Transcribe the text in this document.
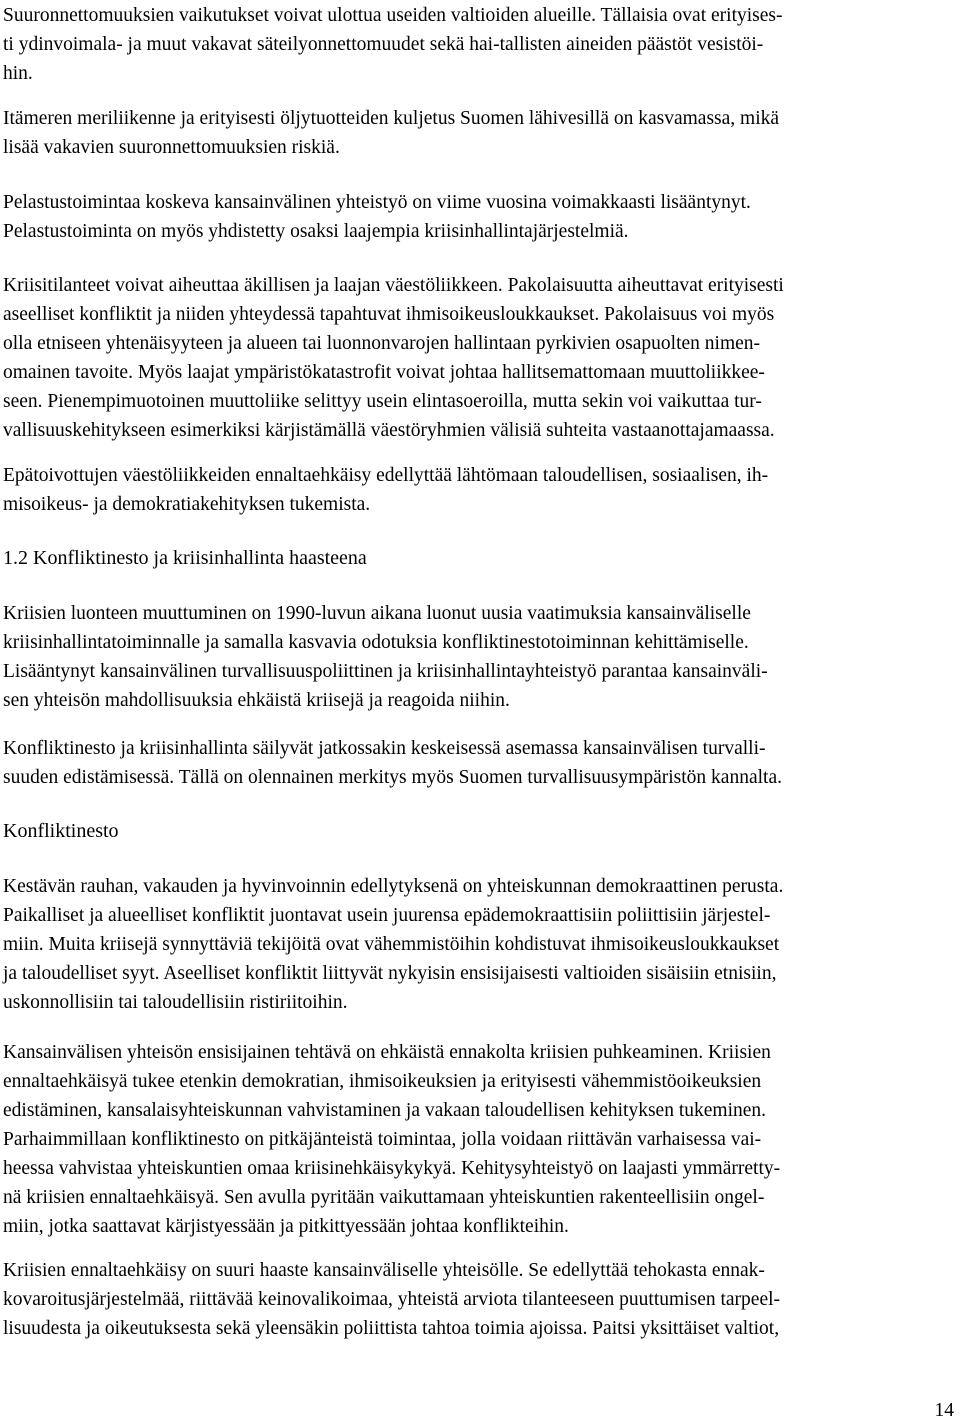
Suuronnettomuuksien vaikutukset voivat ulottua useiden valtioiden alueille. Tällaisia ovat erityises-
ti ydinvoimala- ja muut vakavat säteilyonnettomuudet sekä hai-tallisten aineiden päästöt vesistöi-
hin.
Itämeren meriliikenne ja erityisesti öljytuotteiden kuljetus Suomen lähivesillä on kasvamassa, mikä
lisää vakavien suuronnettomuuksien riskiä.
Pelastustoimintaa koskeva kansainvälinen yhteistyö on viime vuosina voimakkaasti lisääntynyt.
Pelastustoiminta on myös yhdistetty osaksi laajempia kriisinhallintajärjestelmiä.
Kriisitilanteet voivat aiheuttaa äkillisen ja laajan väestöliikkeen. Pakolaisuutta aiheuttavat erityisesti
aseelliset konfliktit ja niiden yhteydessä tapahtuvat ihmisoikeusloukkaukset. Pakolaisuus voi myös
olla etniseen yhtenäisyyteen ja alueen tai luonnonvarojen hallintaan pyrkivien osapuolten nimen-
omainen tavoite. Myös laajat ympäristökatastrofit voivat johtaa hallitsemattomaan muuttoliikkee-
seen. Pienempimuotoinen muuttoliike selittyy usein elintasoeroilla, mutta sekin voi vaikuttaa tur-
vallisuuskehitykseen esimerkiksi kärjistämällä väestöryhmien välisiä suhteita vastaanottajamaassa.
Epätoivottujen väestöliikkeiden ennaltaehkäisy edellyttää lähtömaan taloudellisen, sosiaalisen, ih-
misoikeus- ja demokratiakehityksen tukemista.
1.2 Konfliktinesto ja kriisinhallinta haasteena
Kriisien luonteen muuttuminen on 1990-luvun aikana luonut uusia vaatimuksia kansainväliselle
kriisinhallintatoiminnalle ja samalla kasvavia odotuksia konfliktinestotoiminnan kehittämiselle.
Lisääntynyt kansainvälinen turvallisuuspoliittinen ja kriisinhallintayhteistyö parantaa kansainväli-
sen yhteisön mahdollisuuksia ehkäistä kriisejä ja reagoida niihin.
Konfliktinesto ja kriisinhallinta säilyvät jatkossakin keskeisessä asemassa kansainvälisen turvalli-
suuden edistämisessä. Tällä on olennainen merkitys myös Suomen turvallisuusympäristön kannalta.
Konfliktinesto
Kestävän rauhan, vakauden ja hyvinvoinnin edellytyksenä on yhteiskunnan demokraattinen perusta.
Paikalliset ja alueelliset konfliktit juontavat usein juurensa epädemokraattisiin poliittisiin järjestel-
miin. Muita kriisejä synnyttäviä tekijöitä ovat vähemmistöihin kohdistuvat ihmisoikeusloukkaukset
ja taloudelliset syyt. Aseelliset konfliktit liittyvät nykyisin ensisijaisesti valtioiden sisäisiin etnisiin,
uskonnollisiin tai taloudellisiin ristiriitoihin.
Kansainvälisen yhteisön ensisijainen tehtävä on ehkäistä ennakolta kriisien puhkeaminen. Kriisien
ennaltaehkäisyä tukee etenkin demokratian, ihmisoikeuksien ja erityisesti vähemmistöoikeuksien
edistäminen, kansalaisyhteiskunnan vahvistaminen ja vakaan taloudellisen kehityksen tukeminen.
Parhaimmillaan konfliktinesto on pitkäjänteistä toimintaa, jolla voidaan riittävän varhaisessa vai-
heessa vahvistaa yhteiskuntien omaa kriisinehkäisykykyä. Kehitysyhteistyö on laajasti ymmärretty-
nä kriisien ennaltaehkäisyä. Sen avulla pyritään vaikuttamaan yhteiskuntien rakenteellisiin ongel-
miin, jotka saattavat kärjistyessään ja pitkittyessään johtaa konflikteihin.
Kriisien ennaltaehkäisy on suuri haaste kansainväliselle yhteisölle. Se edellyttää tehokasta ennak-
kovaroitusjärjestelmää, riittävää keinovalikoimaa, yhteistä arviota tilanteeseen puuttumisen tarpeel-
lisuudesta ja oikeutuksesta sekä yleensäkin poliittista tahtoa toimia ajoissa. Paitsi yksittäiset valtiot,
14
